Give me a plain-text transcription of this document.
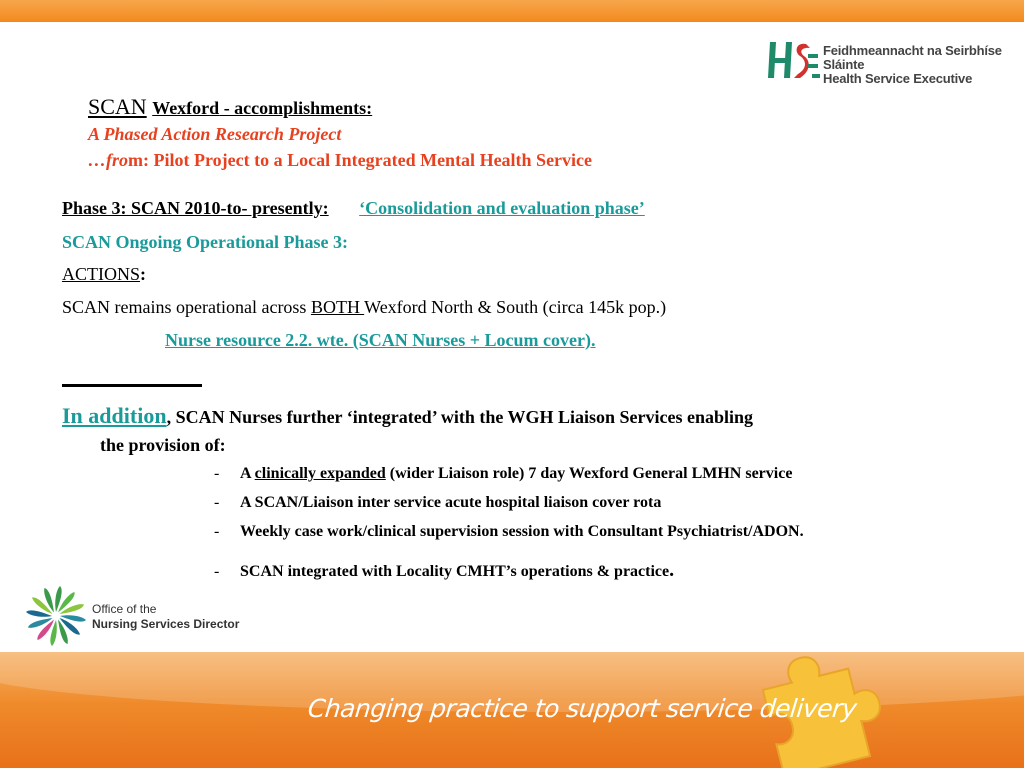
Feidhmeannacht na Seirbhíse Sláinte
Health Service Executive
SCAN Wexford - accomplishments:
A Phased Action Research Project
…from: Pilot Project to a Local Integrated Mental Health Service
Phase 3: SCAN 2010-to- presently: ‘Consolidation and evaluation phase’
SCAN Ongoing Operational Phase 3:
ACTIONS:
SCAN remains operational across BOTH Wexford North & South (circa 145k pop.)
Nurse resource 2.2. wte. (SCAN Nurses + Locum cover).
In addition, SCAN Nurses further ‘integrated’ with the WGH Liaison Services enabling
the provision of:
- A clinically expanded (wider Liaison role) 7 day Wexford General LMHN service
- A SCAN/Liaison inter service acute hospital liaison cover rota
- Weekly case work/clinical supervision session with Consultant Psychiatrist/ADON.
- SCAN integrated with Locality CMHT’s operations & practice.
Office of the
Nursing Services Director
Changing practice to support service delivery
